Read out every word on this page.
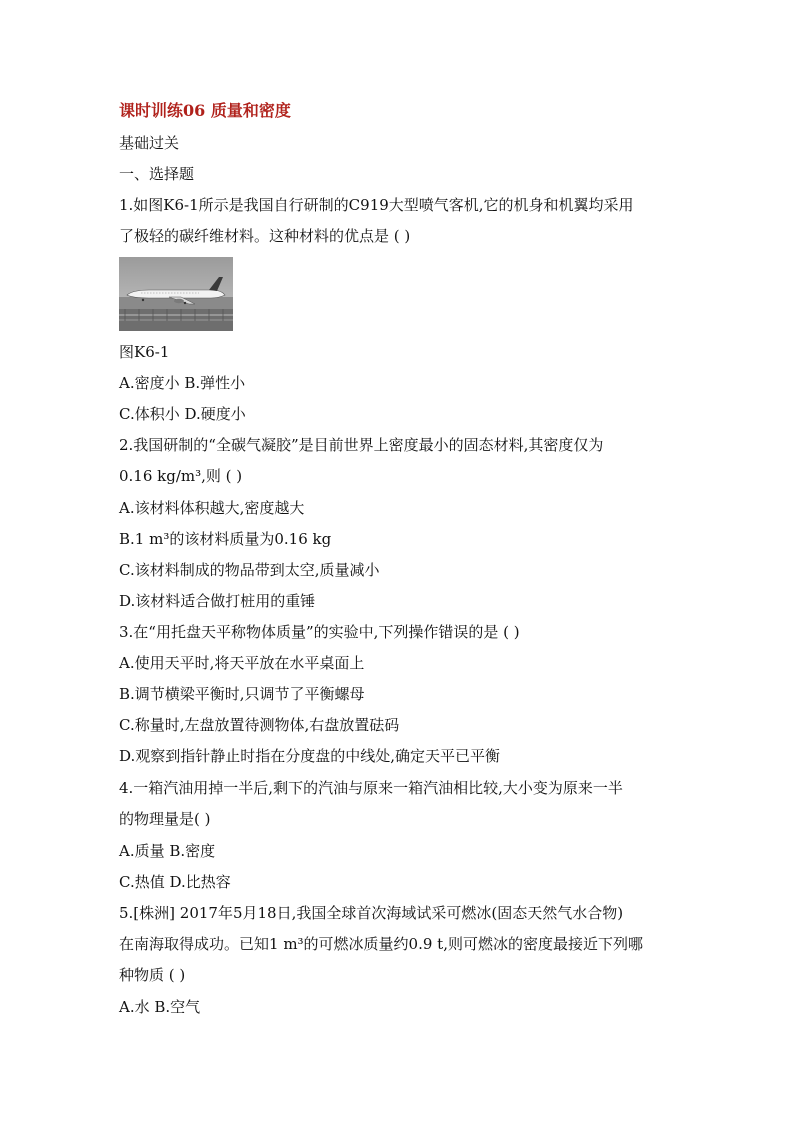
课时训练06 质量和密度
基础过关
一、选择题
1.如图K6-1所示是我国自行研制的C919大型喷气客机,它的机身和机翼均采用
了极轻的碳纤维材料。这种材料的优点是 ( )
图K6-1
A.密度小 B.弹性小
C.体积小 D.硬度小
2.我国研制的“全碳气凝胶”是目前世界上密度最小的固态材料,其密度仅为
0.16 kg/m³,则 ( )
A.该材料体积越大,密度越大
B.1 m³的该材料质量为0.16 kg
C.该材料制成的物品带到太空,质量减小
D.该材料适合做打桩用的重锤
3.在“用托盘天平称物体质量”的实验中,下列操作错误的是 ( )
A.使用天平时,将天平放在水平桌面上
B.调节横梁平衡时,只调节了平衡螺母
C.称量时,左盘放置待测物体,右盘放置砝码
D.观察到指针静止时指在分度盘的中线处,确定天平已平衡
4.一箱汽油用掉一半后,剩下的汽油与原来一箱汽油相比较,大小变为原来一半
的物理量是( )
A.质量 B.密度
C.热值 D.比热容
5.[株洲] 2017年5月18日,我国全球首次海域试采可燃冰(固态天然气水合物)
在南海取得成功。已知1 m³的可燃冰质量约0.9 t,则可燃冰的密度最接近下列哪
种物质 ( )
A.水 B.空气
